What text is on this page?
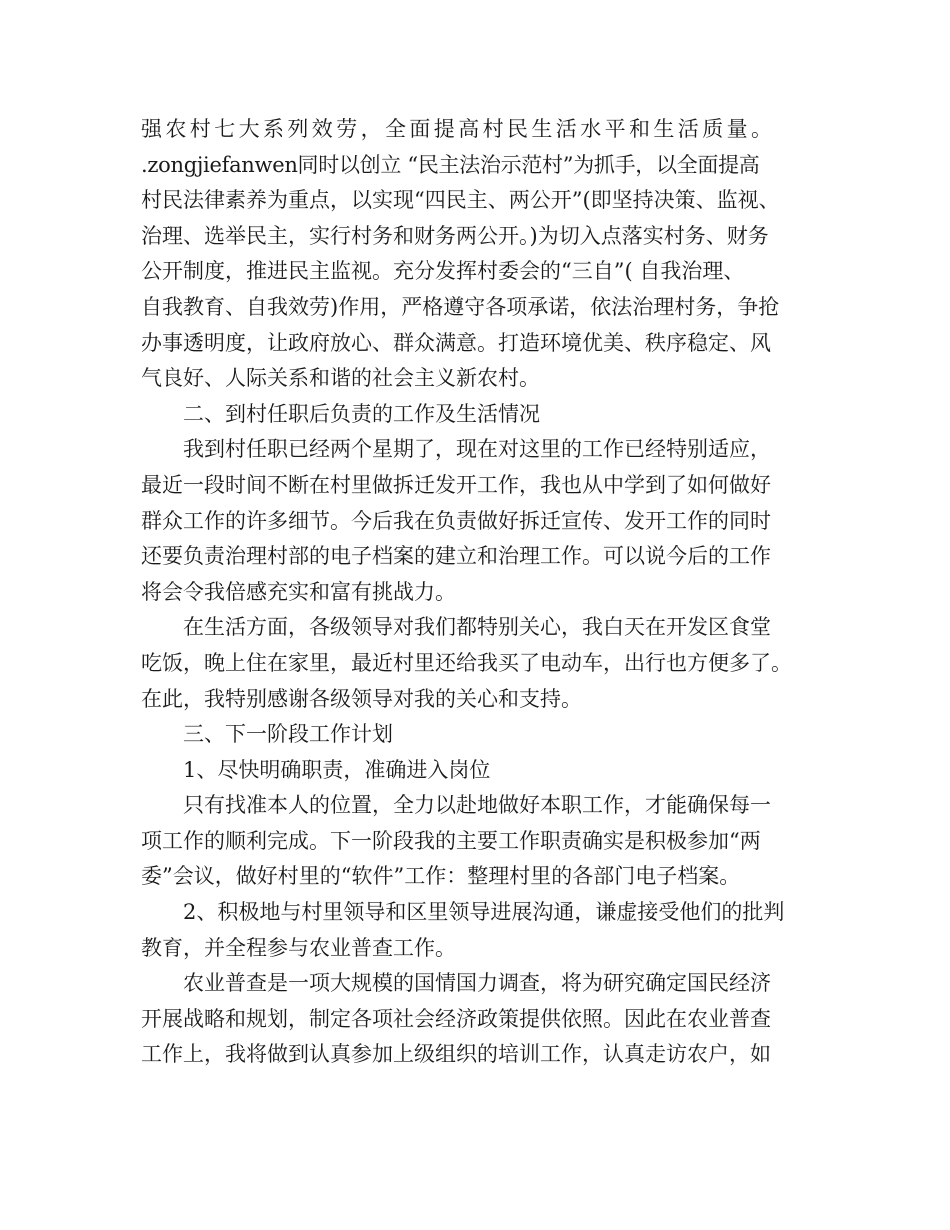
强农村七大系列效劳，全面提高村民生活水平和生活质量。
.zongjiefanwen同时以创立 “民主法治示范村”为抓手，以全面提高
村民法律素养为重点，以实现“四民主、两公开”(即坚持决策、监视、
治理、选举民主，实行村务和财务两公开。)为切入点落实村务、财务
公开制度，推进民主监视。充分发挥村委会的“三自”( 自我治理、
自我教育、自我效劳)作用，严格遵守各项承诺，依法治理村务，争抢
办事透明度，让政府放心、群众满意。打造环境优美、秩序稳定、风
气良好、人际关系和谐的社会主义新农村。
二、到村任职后负责的工作及生活情况
我到村任职已经两个星期了，现在对这里的工作已经特别适应，
最近一段时间不断在村里做拆迁发开工作，我也从中学到了如何做好
群众工作的许多细节。今后我在负责做好拆迁宣传、发开工作的同时
还要负责治理村部的电子档案的建立和治理工作。可以说今后的工作
将会令我倍感充实和富有挑战力。
在生活方面，各级领导对我们都特别关心，我白天在开发区食堂
吃饭，晚上住在家里，最近村里还给我买了电动车，出行也方便多了。
在此，我特别感谢各级领导对我的关心和支持。
三、下一阶段工作计划
1、尽快明确职责，准确进入岗位
只有找准本人的位置，全力以赴地做好本职工作，才能确保每一
项工作的顺利完成。下一阶段我的主要工作职责确实是积极参加“两
委”会议，做好村里的“软件”工作：整理村里的各部门电子档案。
2、积极地与村里领导和区里领导进展沟通，谦虚接受他们的批判
教育，并全程参与农业普查工作。
农业普查是一项大规模的国情国力调查，将为研究确定国民经济
开展战略和规划，制定各项社会经济政策提供依照。因此在农业普查
工作上，我将做到认真参加上级组织的培训工作，认真走访农户，如
